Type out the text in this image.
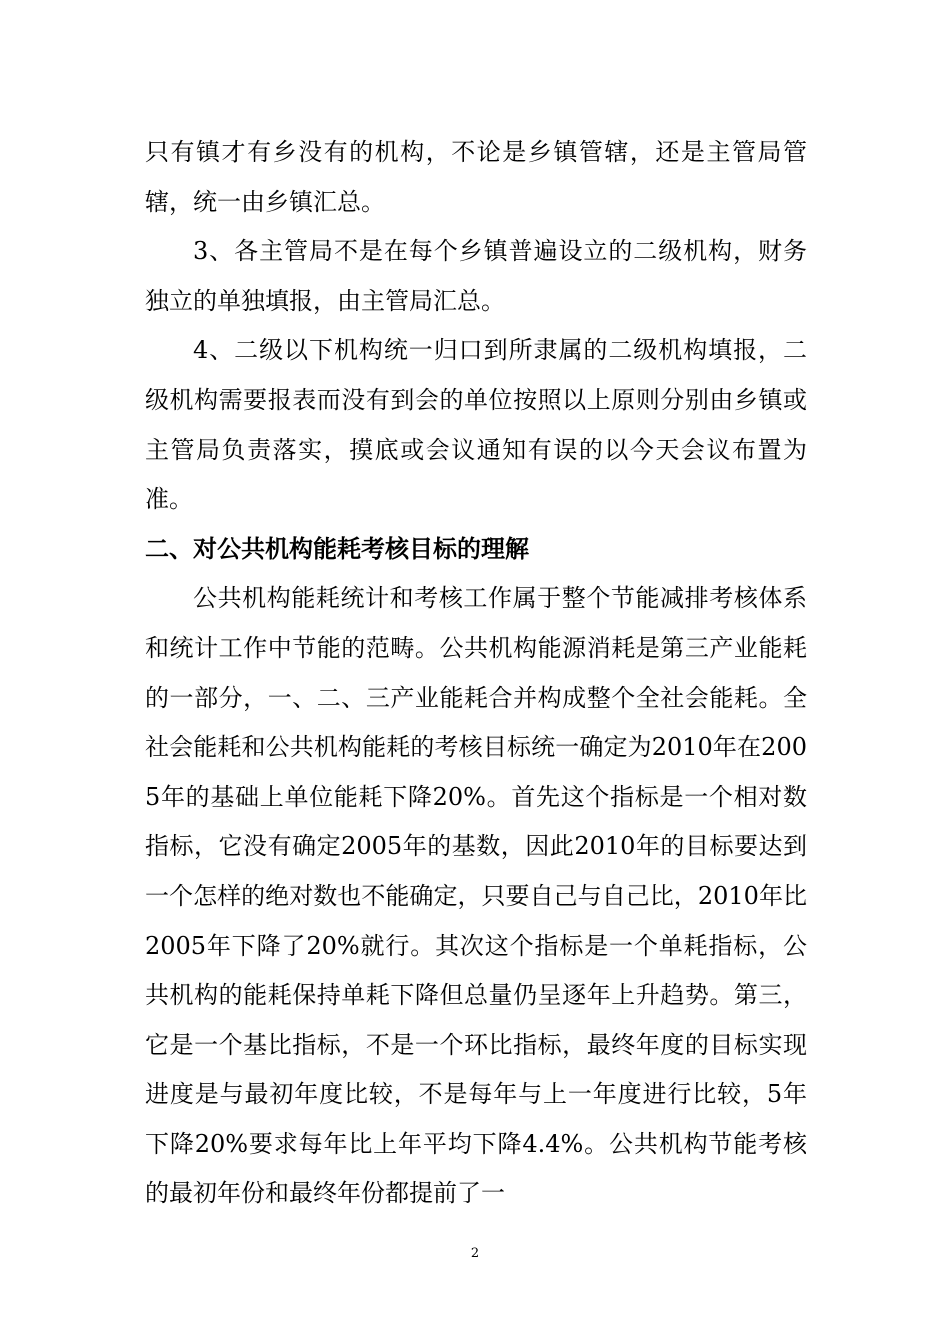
只有镇才有乡没有的机构，不论是乡镇管辖，还是主管局管辖，统一由乡镇汇总。

3、各主管局不是在每个乡镇普遍设立的二级机构，财务独立的单独填报，由主管局汇总。

4、二级以下机构统一归口到所隶属的二级机构填报，二级机构需要报表而没有到会的单位按照以上原则分别由乡镇或主管局负责落实，摸底或会议通知有误的以今天会议布置为准。

二、对公共机构能耗考核目标的理解

公共机构能耗统计和考核工作属于整个节能减排考核体系和统计工作中节能的范畴。公共机构能源消耗是第三产业能耗的一部分，一、二、三产业能耗合并构成整个全社会能耗。全社会能耗和公共机构能耗的考核目标统一确定为2010年在2005年的基础上单位能耗下降20%。首先这个指标是一个相对数指标，它没有确定2005年的基数，因此2010年的目标要达到一个怎样的绝对数也不能确定，只要自己与自己比，2010年比2005年下降了20%就行。其次这个指标是一个单耗指标，公共机构的能耗保持单耗下降但总量仍呈逐年上升趋势。第三，它是一个基比指标，不是一个环比指标，最终年度的目标实现进度是与最初年度比较，不是每年与上一年度进行比较，5年下降20%要求每年比上年平均下降4.4%。公共机构节能考核的最初年份和最终年份都提前了一

2
